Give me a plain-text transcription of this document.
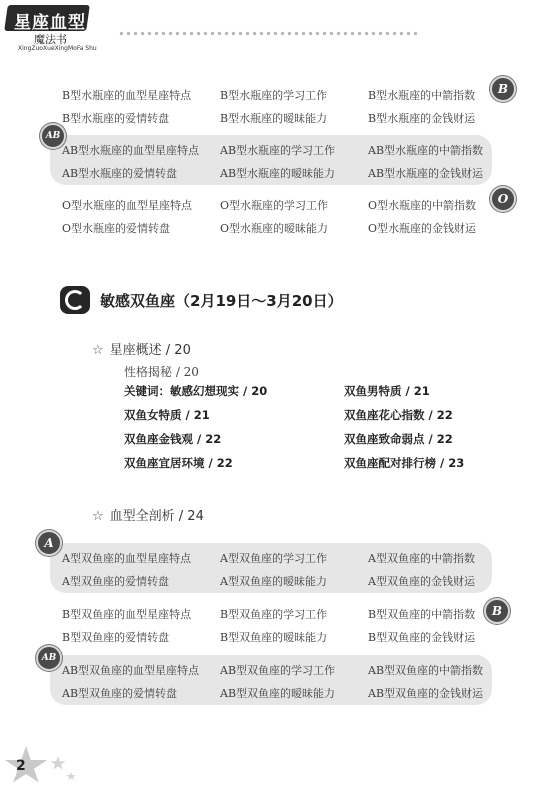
星座血型
魔法书
XingZuoXueXingMoFa Shu
B型水瓶座的血型星座特点	B型水瓶座的学习工作	B型水瓶座的中箭指数
B型水瓶座的爱情转盘	B型水瓶座的暧昧能力	B型水瓶座的金钱财运
B
AB型水瓶座的血型星座特点 AB型水瓶座的学习工作	AB型水瓶座的中箭指数
AB型水瓶座的爱情转盘	AB型水瓶座的暧昧能力	AB型水瓶座的金钱财运
AB
O型水瓶座的血型星座特点	O型水瓶座的学习工作	O型水瓶座的中箭指数
O型水瓶座的爱情转盘	O型水瓶座的暧昧能力	O型水瓶座的金钱财运
O
敏感双鱼座（2月19日～3月20日）
☆ 星座概述 / 20
性格揭秘 / 20
关键词：敏感幻想现实 / 20	双鱼男特质 / 21
双鱼女特质 / 21	双鱼座花心指数 / 22
双鱼座金钱观 / 22	双鱼座致命弱点 / 22
双鱼座宜居环境 / 22	双鱼座配对排行榜 / 23
☆ 血型全剖析 / 24
A型双鱼座的血型星座特点	A型双鱼座的学习工作	A型双鱼座的中箭指数
A型双鱼座的爱情转盘	A型双鱼座的暧昧能力	A型双鱼座的金钱财运
A
B型双鱼座的血型星座特点	B型双鱼座的学习工作	B型双鱼座的中箭指数
B型双鱼座的爱情转盘	B型双鱼座的暧昧能力	B型双鱼座的金钱财运
B
AB型双鱼座的血型星座特点 AB型双鱼座的学习工作	AB型双鱼座的中箭指数
AB型双鱼座的爱情转盘	AB型双鱼座的暧昧能力	AB型双鱼座的金钱财运
AB
2
